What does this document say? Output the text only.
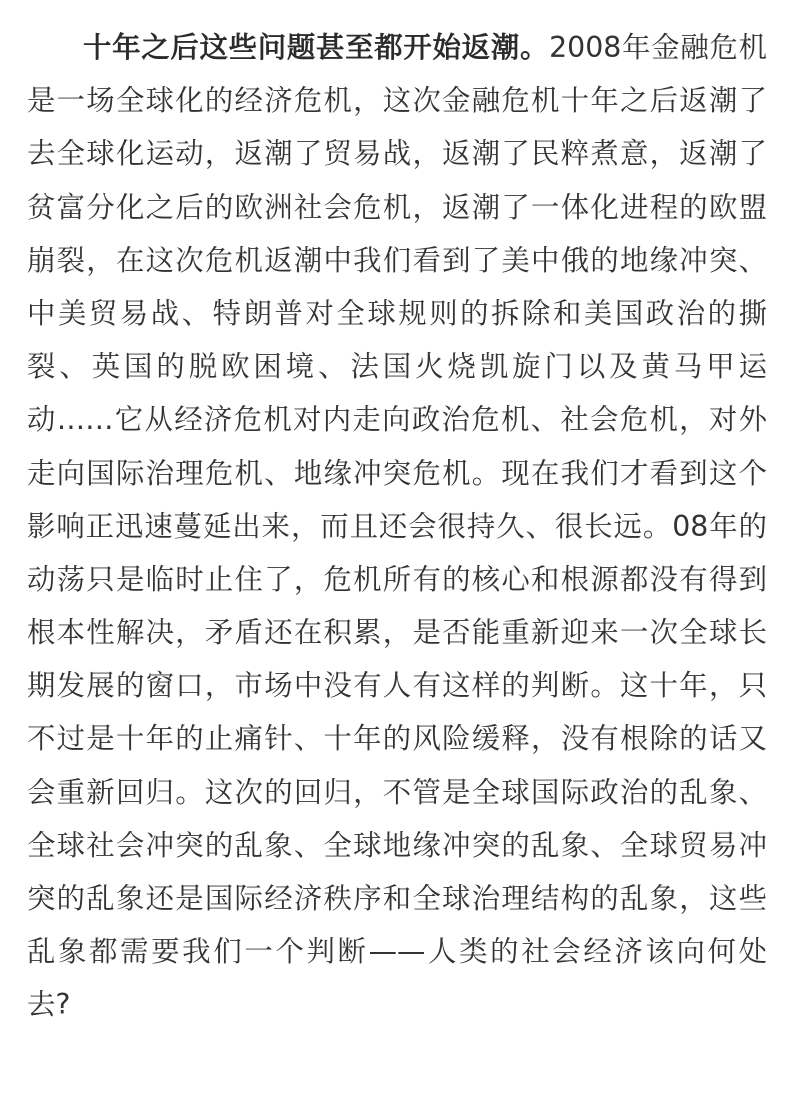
十年之后这些问题甚至都开始返潮。2008年金融危机
是一场全球化的经济危机，这次金融危机十年之后返潮了
去全球化运动，返潮了贸易战，返潮了民粹煮意，返潮了
贫富分化之后的欧洲社会危机，返潮了一体化进程的欧盟
崩裂，在这次危机返潮中我们看到了美中俄的地缘冲突、
中美贸易战、特朗普对全球规则的拆除和美国政治的撕
裂、英国的脱欧困境、法国火烧凯旋门以及黄马甲运
动……它从经济危机对内走向政治危机、社会危机，对外
走向国际治理危机、地缘冲突危机。现在我们才看到这个
影响正迅速蔓延出来，而且还会很持久、很长远。08年的
动荡只是临时止住了，危机所有的核心和根源都没有得到
根本性解决，矛盾还在积累，是否能重新迎来一次全球长
期发展的窗口，市场中没有人有这样的判断。这十年，只
不过是十年的止痛针、十年的风险缓释，没有根除的话又
会重新回归。这次的回归，不管是全球国际政治的乱象、
全球社会冲突的乱象、全球地缘冲突的乱象、全球贸易冲
突的乱象还是国际经济秩序和全球治理结构的乱象，这些
乱象都需要我们一个判断——人类的社会经济该向何处
去?
